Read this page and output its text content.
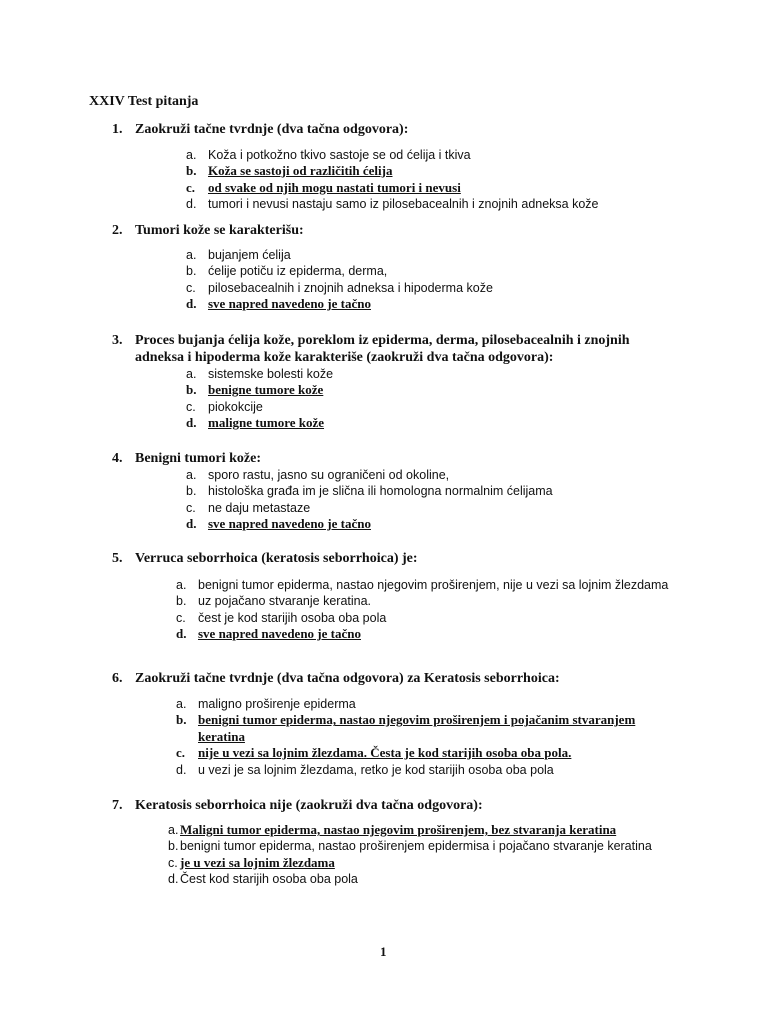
XXIV Test pitanja
1. Zaokruži tačne tvrdnje (dva tačna odgovora):
a. Koža i potkožno tkivo sastoje se od ćelija i tkiva
b. Koža se sastoji od različitih ćelija
c. od svake od njih mogu nastati tumori i nevusi
d. tumori i nevusi nastaju samo iz pilosebacealnih i znojnih adneksa kože
2. Tumori kože se karakterišu:
a. bujanjem ćelija
b. ćelije potiču iz epiderma, derma,
c. pilosebacealnih i znojnih adneksa i hipoderma kože
d. sve napred navedeno je tačno
3. Proces bujanja ćelija kože, poreklom iz epiderma, derma, pilosebacealnih i znojnih adneksa i hipoderma kože karakteriše (zaokruži dva tačna odgovora):
a. sistemske bolesti kože
b. benigne tumore kože
c. piokokcije
d. maligne tumore kože
4. Benigni tumori kože:
a. sporo rastu, jasno su ograničeni od okoline,
b. histološka građa im je slična ili homologna normalnim ćelijama
c. ne daju metastaze
d. sve napred navedeno je tačno
5. Verruca seborrhoica (keratosis seborrhoica) je:
a. benigni tumor epiderma, nastao njegovim proširenjem, nije u vezi sa lojnim žlezdama
b. uz pojačano stvaranje keratina.
c. čest je kod starijih osoba oba pola
d. sve napred navedeno je tačno
6. Zaokruži tačne tvrdnje (dva tačna odgovora) za Keratosis seborrhoica:
a. maligno proširenje epiderma
b. benigni tumor epiderma, nastao njegovim proširenjem i pojačanim stvaranjem keratina
c. nije u vezi sa lojnim žlezdama. Česta je kod starijih osoba oba pola.
d. u vezi je sa lojnim žlezdama, retko je kod starijih osoba oba pola
7. Keratosis seborrhoica nije (zaokruži dva tačna odgovora):
a. Maligni tumor epiderma, nastao njegovim proširenjem, bez stvaranja keratina
b. benigni tumor epiderma, nastao proširenjem epidermisa i pojačano stvaranje keratina
c. je u vezi sa lojnim žlezdama
d. Čest kod starijih osoba oba pola
1
